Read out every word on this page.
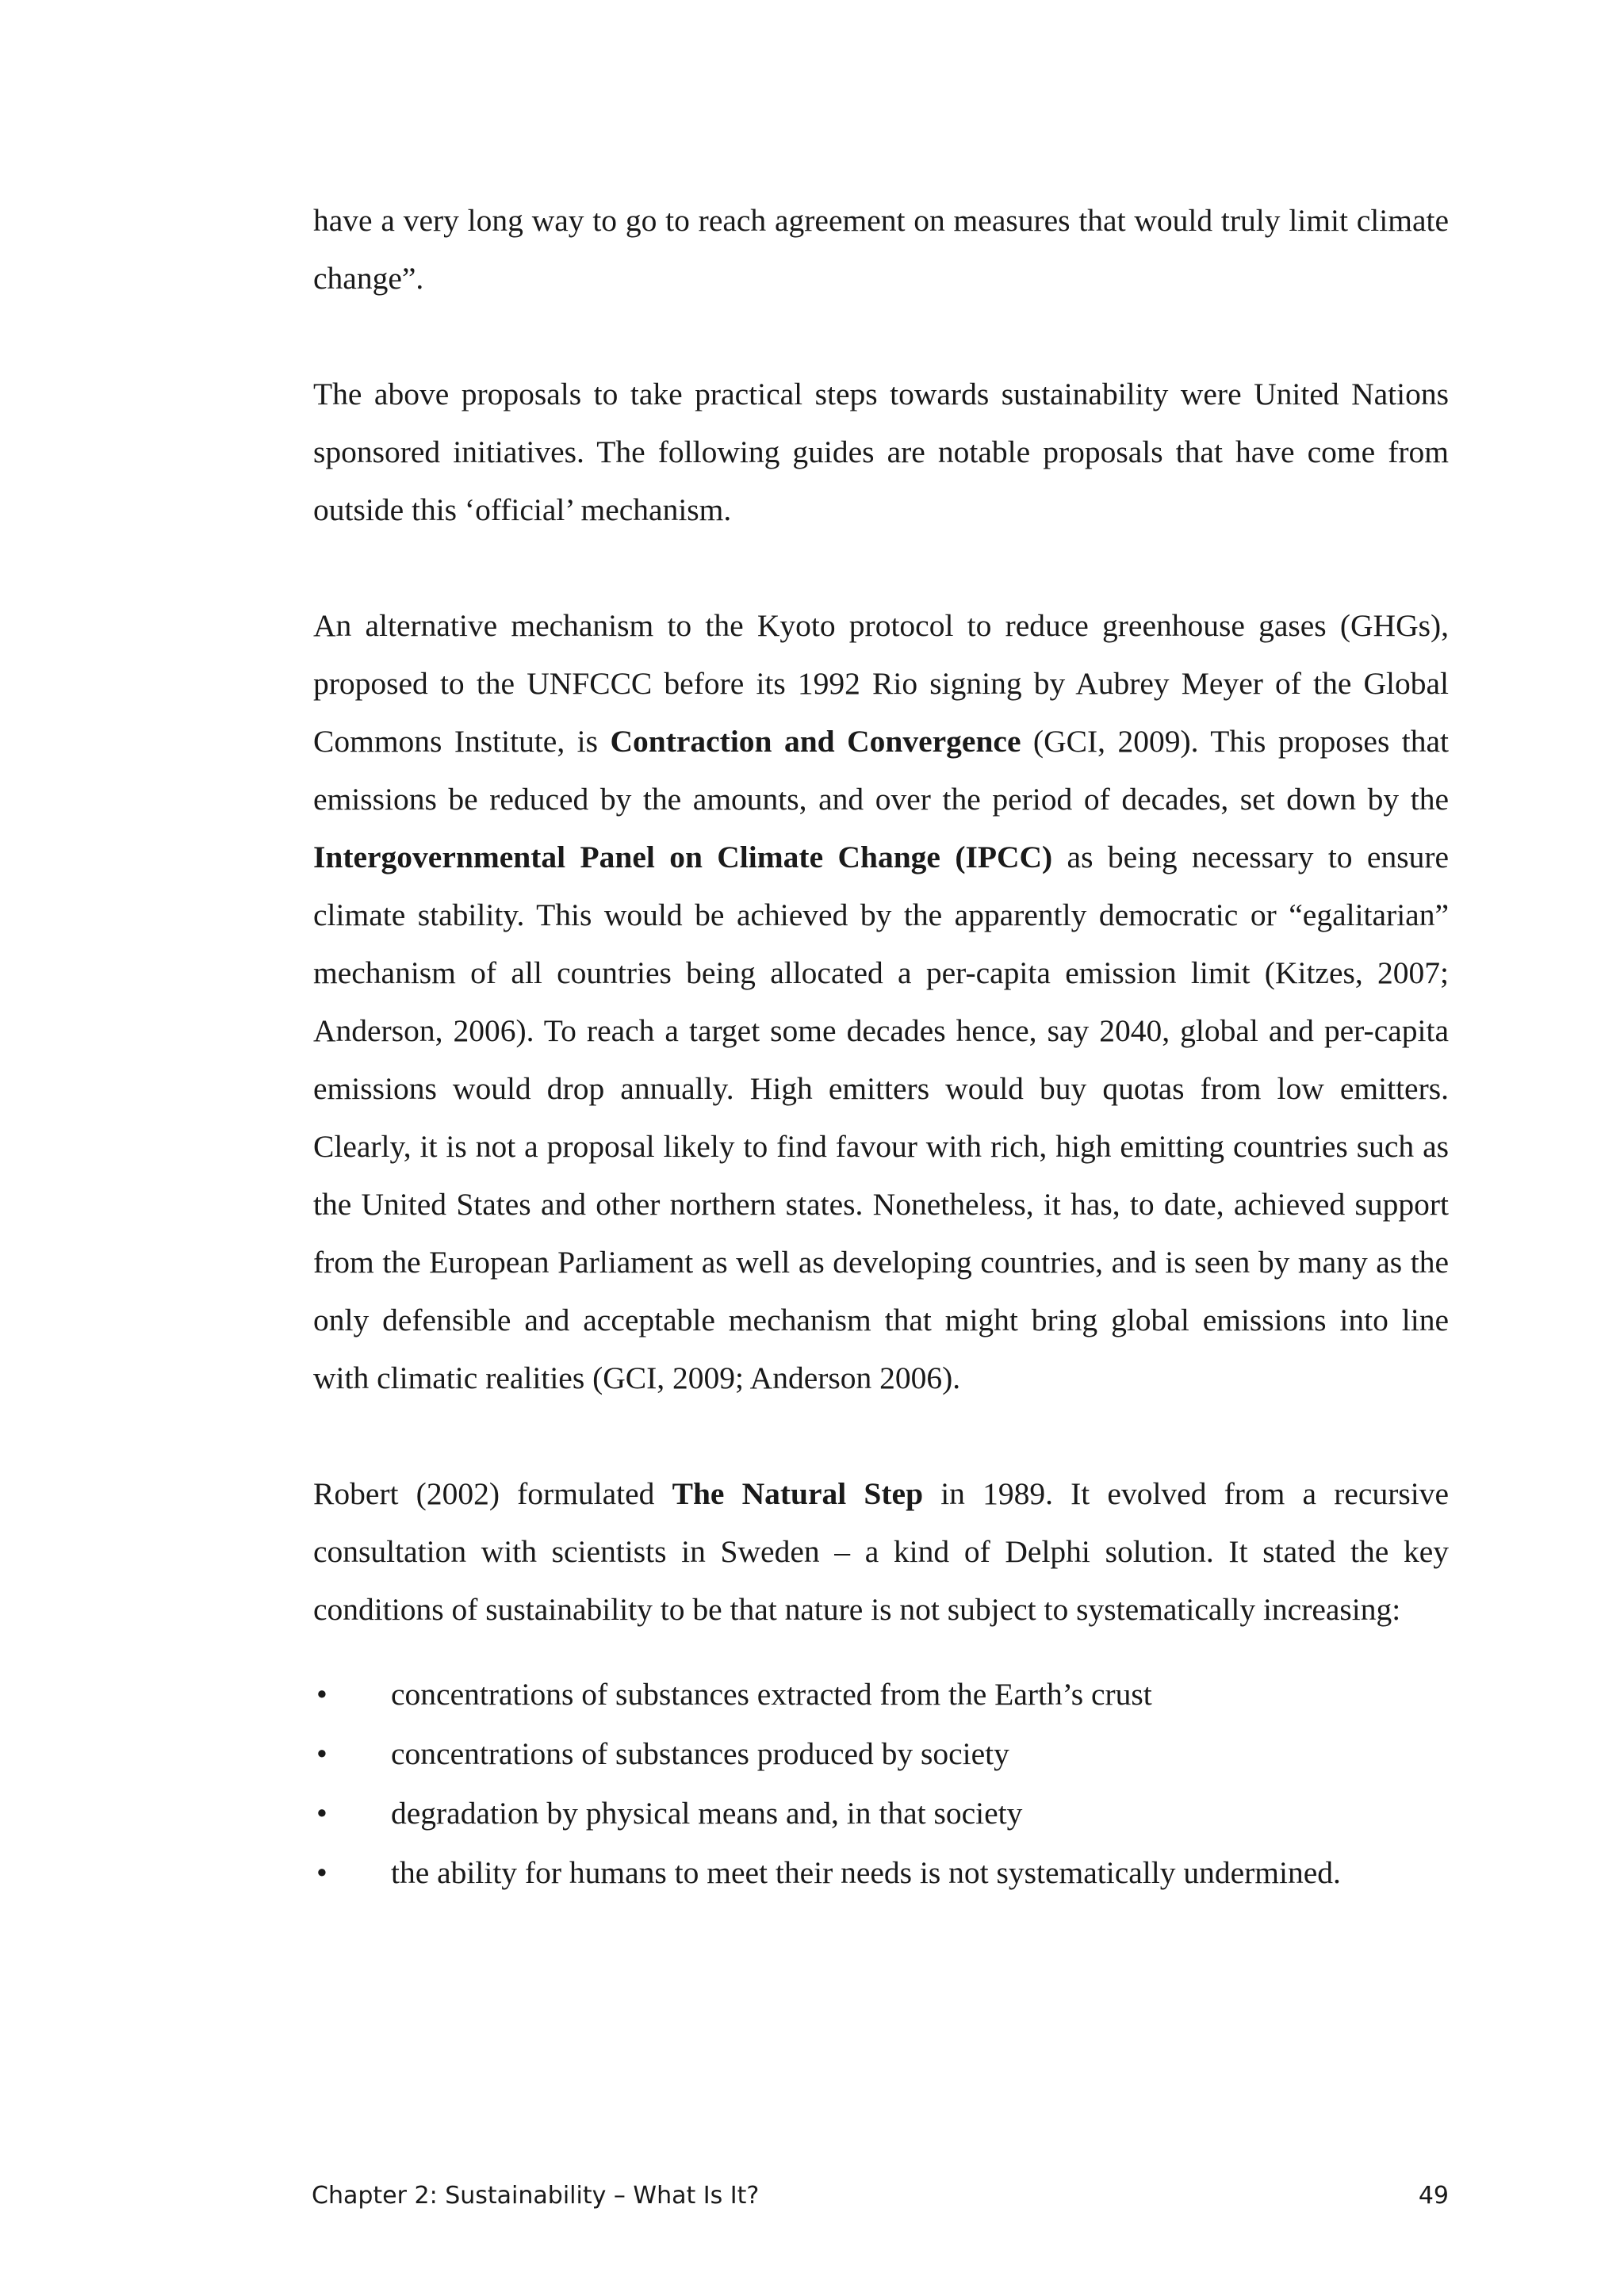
have a very long way to go to reach agreement on measures that would truly limit climate change”.

The above proposals to take practical steps towards sustainability were United Nations sponsored initiatives. The following guides are notable proposals that have come from outside this ‘official’ mechanism.

An alternative mechanism to the Kyoto protocol to reduce greenhouse gases (GHGs), proposed to the UNFCCC before its 1992 Rio signing by Aubrey Meyer of the Global Commons Institute, is Contraction and Convergence (GCI, 2009). This proposes that emissions be reduced by the amounts, and over the period of decades, set down by the Intergovernmental Panel on Climate Change (IPCC) as being necessary to ensure climate stability. This would be achieved by the apparently democratic or “egalitarian” mechanism of all countries being allocated a per-capita emission limit (Kitzes, 2007; Anderson, 2006). To reach a target some decades hence, say 2040, global and per-capita emissions would drop annually. High emitters would buy quotas from low emitters. Clearly, it is not a proposal likely to find favour with rich, high emitting countries such as the United States and other northern states. Nonetheless, it has, to date, achieved support from the European Parliament as well as developing countries, and is seen by many as the only defensible and acceptable mechanism that might bring global emissions into line with climatic realities (GCI, 2009; Anderson 2006).

Robert (2002) formulated The Natural Step in 1989. It evolved from a recursive consultation with scientists in Sweden – a kind of Delphi solution. It stated the key conditions of sustainability to be that nature is not subject to systematically increasing:

• concentrations of substances extracted from the Earth’s crust
• concentrations of substances produced by society
• degradation by physical means and, in that society
• the ability for humans to meet their needs is not systematically undermined.
Chapter 2: Sustainability – What Is It?	49
